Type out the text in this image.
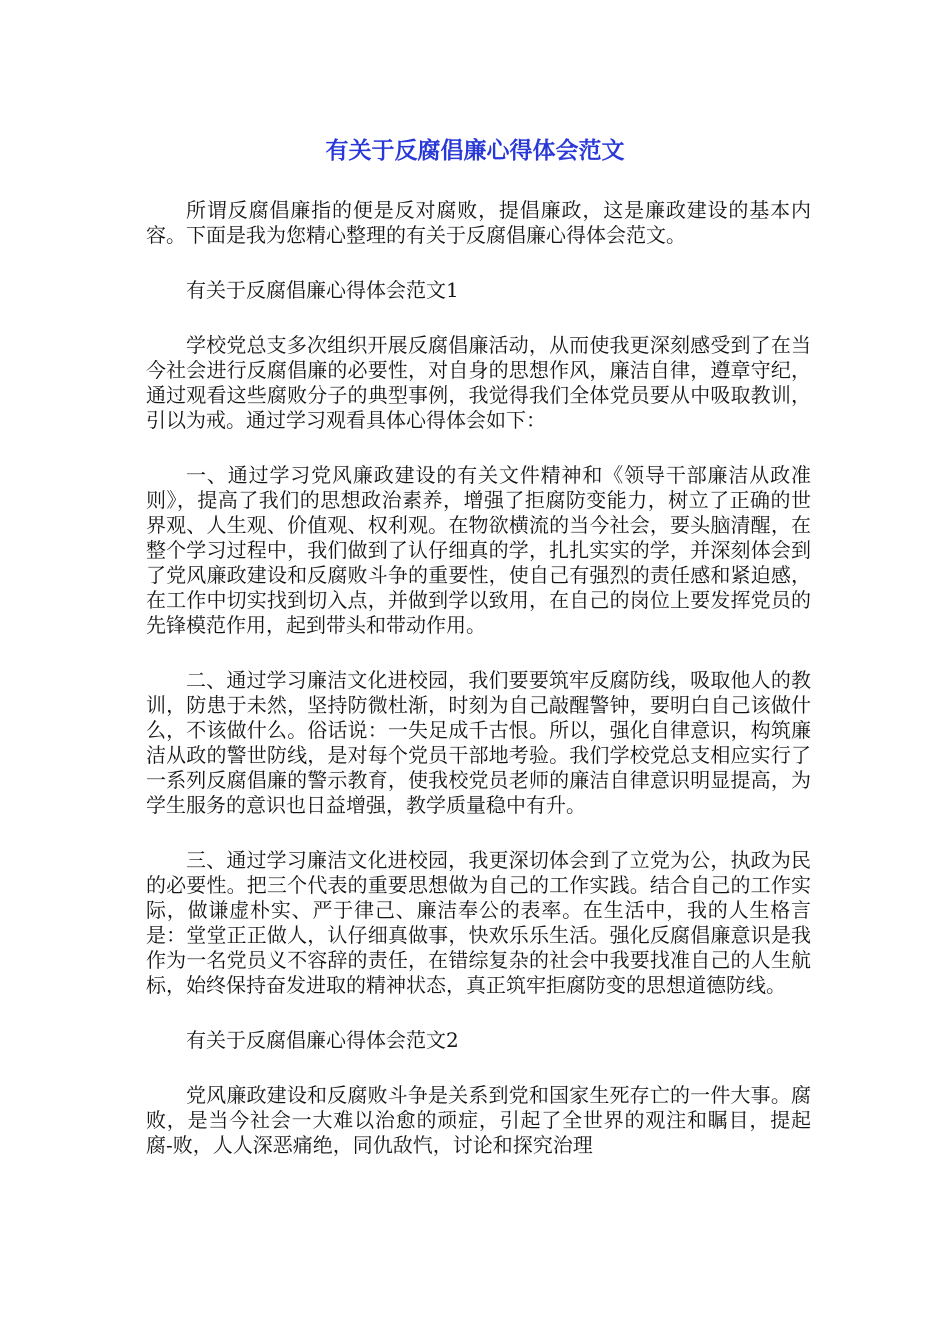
有关于反腐倡廉心得体会范文

所谓反腐倡廉指的便是反对腐败，提倡廉政，这是廉政建设的基本内容。下面是我为您精心整理的有关于反腐倡廉心得体会范文。

有关于反腐倡廉心得体会范文1

学校党总支多次组织开展反腐倡廉活动，从而使我更深刻感受到了在当今社会进行反腐倡廉的必要性，对自身的思想作风，廉洁自律，遵章守纪，通过观看这些腐败分子的典型事例，我觉得我们全体党员要从中吸取教训，引以为戒。通过学习观看具体心得体会如下：

一、通过学习党风廉政建设的有关文件精神和《领导干部廉洁从政准则》，提高了我们的思想政治素养，增强了拒腐防变能力，树立了正确的世界观、人生观、价值观、权利观。在物欲横流的当今社会，要头脑清醒，在整个学习过程中，我们做到了认仔细真的学，扎扎实实的学，并深刻体会到了党风廉政建设和反腐败斗争的重要性，使自己有强烈的责任感和紧迫感，在工作中切实找到切入点，并做到学以致用，在自己的岗位上要发挥党员的先锋模范作用，起到带头和带动作用。

二、通过学习廉洁文化进校园，我们要要筑牢反腐防线，吸取他人的教训，防患于未然，坚持防微杜渐，时刻为自己敲醒警钟，要明白自己该做什么，不该做什么。俗话说：一失足成千古恨。所以，强化自律意识，构筑廉洁从政的警世防线，是对每个党员干部地考验。我们学校党总支相应实行了一系列反腐倡廉的警示教育，使我校党员老师的廉洁自律意识明显提高，为学生服务的意识也日益增强，教学质量稳中有升。

三、通过学习廉洁文化进校园，我更深切体会到了立党为公，执政为民的必要性。把三个代表的重要思想做为自己的工作实践。结合自己的工作实际，做谦虚朴实、严于律己、廉洁奉公的表率。在生活中，我的人生格言是：堂堂正正做人，认仔细真做事，快欢乐乐生活。强化反腐倡廉意识是我作为一名党员义不容辞的责任，在错综复杂的社会中我要找准自己的人生航标，始终保持奋发进取的精神状态，真正筑牢拒腐防变的思想道德防线。

有关于反腐倡廉心得体会范文2

党风廉政建设和反腐败斗争是关系到党和国家生死存亡的一件大事。腐败，是当今社会一大难以治愈的顽症，引起了全世界的观注和瞩目，提起腐-败，人人深恶痛绝，同仇敌忾，讨论和探究治理
